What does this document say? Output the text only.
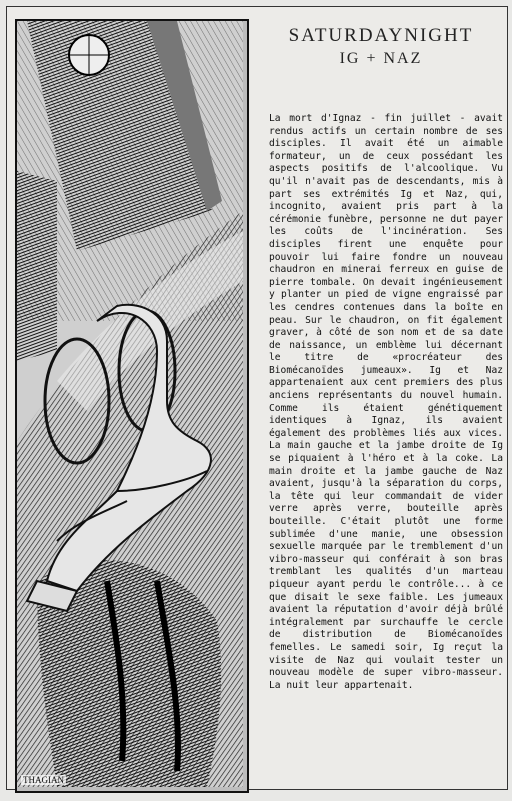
THAGIAN
SATURDAYNIGHT
IG + NAZ
La mort d'Ignaz - fin juillet - avait rendus actifs un certain nombre de ses disciples. Il avait été un aimable formateur, un de ceux possédant les aspects positifs de l'alcoolique. Vu qu'il n'avait pas de descendants, mis à part ses extrémités Ig et Naz, qui, incognito, avaient pris part à la cérémonie funèbre, personne ne dut payer les coûts de l'incinération. Ses disciples firent une enquête pour pouvoir lui faire fondre un nouveau chaudron en minerai ferreux en guise de pierre tombale. On devait ingénieusement y planter un pied de vigne engraissé par les cendres contenues dans la boîte en peau. Sur le chaudron, on fit également graver, à côté de son nom et de sa date de naissance, un emblème lui décernant le titre de «procréateur des Biomécanoïdes jumeaux». Ig et Naz appartenaient aux cent premiers des plus anciens représentants du nouvel humain. Comme ils étaient génétiquement identiques à Ignaz, ils avaient également des problèmes liés aux vices. La main gauche et la jambe droite de Ig se piquaient à l'héro et à la coke. La main droite et la jambe gauche de Naz avaient, jusqu'à la séparation du corps, la tête qui leur commandait de vider verre après verre, bouteille après bouteille. C'était plutôt une forme sublimée d'une manie, une obsession sexuelle marquée par le tremblement d'un vibro-masseur qui conférait à son bras tremblant les qualités d'un marteau piqueur ayant perdu le contrôle... à ce que disait le sexe faible. Les jumeaux avaient la réputation d'avoir déjà brûlé intégralement par surchauffe le cercle de distribution de Biomécanoïdes femelles. Le samedi soir, Ig reçut la visite de Naz qui voulait tester un nouveau modèle de super vibro-masseur. La nuit leur appartenait.
